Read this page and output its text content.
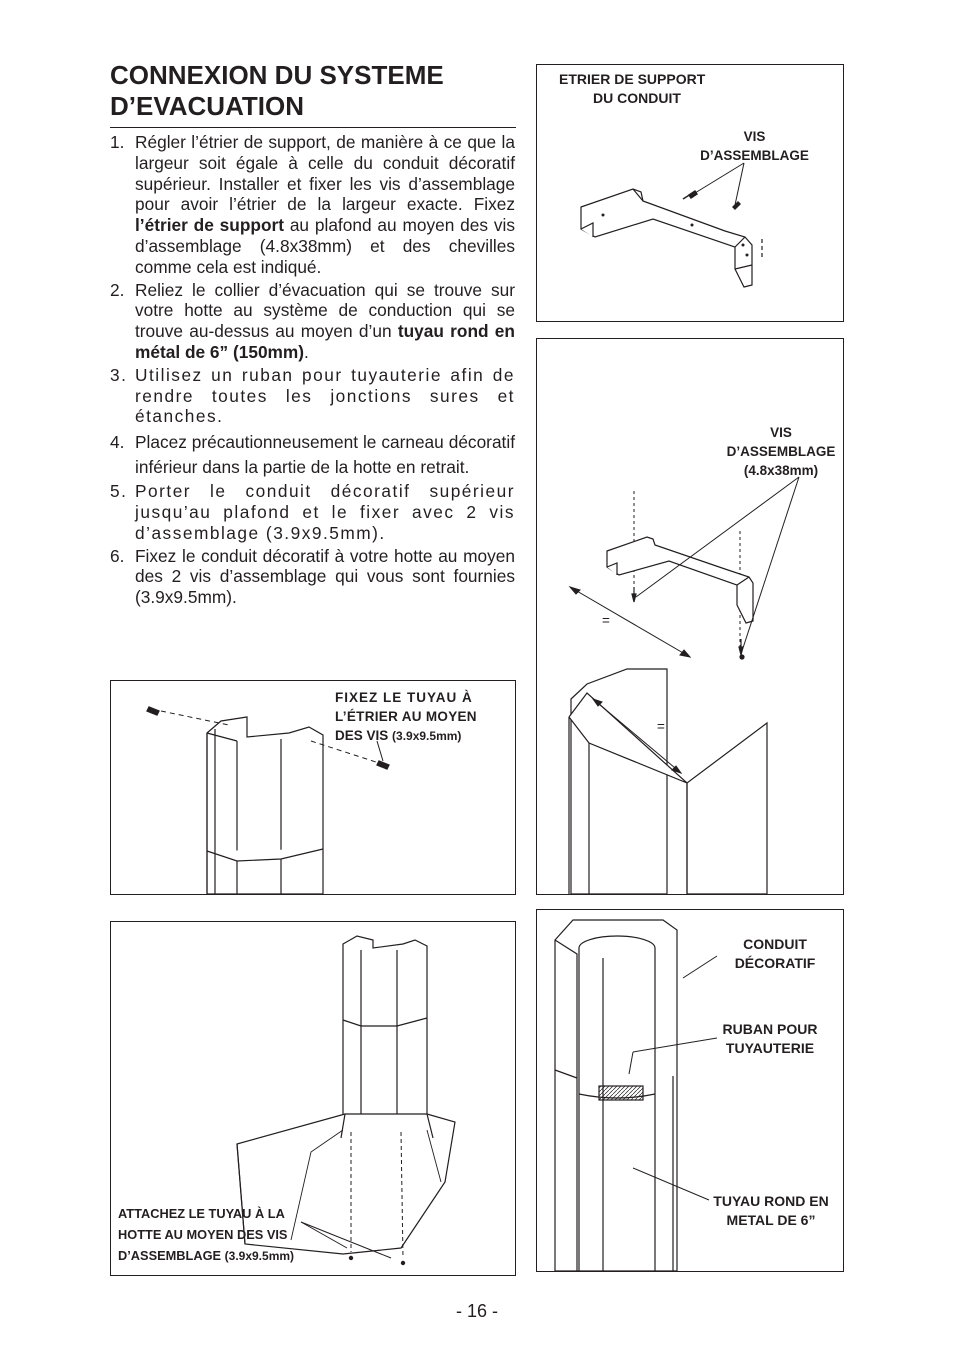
CONNEXION DU SYSTEME
D’EVACUATION
1. Régler l’étrier de support, de manière à ce que la largeur soit égale à celle du conduit décoratif supérieur. Installer et fixer les vis d’assemblage pour avoir l’étrier de la largeur exacte. Fixez l’étrier de support au plafond au moyen des vis d’assemblage (4.8x38mm) et des chevilles comme cela est indiqué.
2. Reliez le collier d’évacuation qui se trouve sur votre hotte au système de conduction qui se trouve au-dessus au moyen d’un tuyau rond en métal de 6” (150mm).
3. Utilisez un ruban pour tuyauterie afin de rendre toutes les jonctions sures et étanches.
4. Placez précautionneusement le carneau décoratif inférieur dans la partie de la hotte en retrait.
5. Porter le conduit décoratif supérieur jusqu’au plafond et le fixer avec 2 vis d’assemblage (3.9x9.5mm).
6. Fixez le conduit décoratif à votre hotte au moyen des 2 vis d’assemblage qui vous sont fournies (3.9x9.5mm).
ETRIER DE SUPPORT
DU CONDUIT
VIS
D’ASSEMBLAGE
VIS
D’ASSEMBLAGE
(4.8x38mm)
=
=
FIXEZ LE TUYAU À
L’ÉTRIER AU MOYEN
DES VIS (3.9x9.5mm)
ATTACHEZ LE TUYAU À LA
HOTTE AU MOYEN DES VIS
D’ASSEMBLAGE (3.9x9.5mm)
CONDUIT
DÉCORATIF
RUBAN POUR
TUYAUTERIE
TUYAU ROND EN
METAL DE 6”
- 16 -
